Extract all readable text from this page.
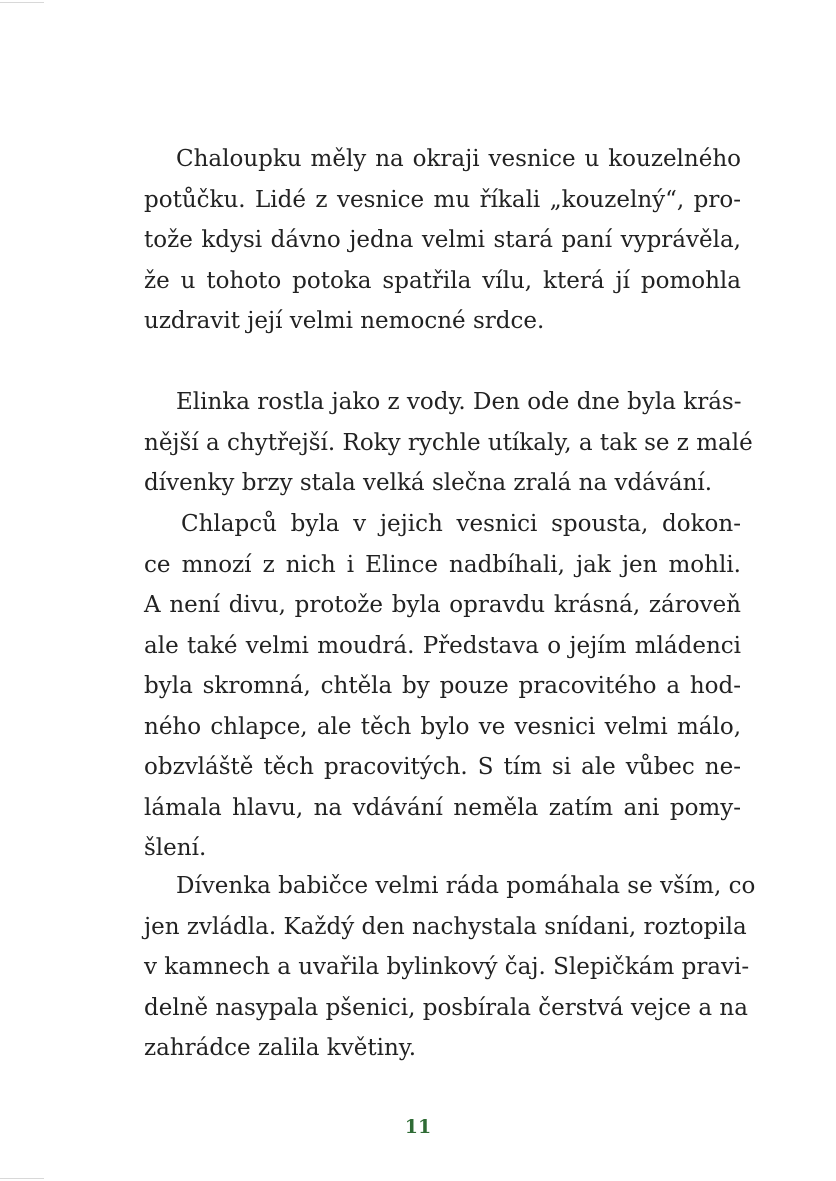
Chaloupku měly na okraji vesnice u kouzelného
potůčku. Lidé z vesnice mu říkali „kouzelný“, pro-
tože kdysi dávno jedna velmi stará paní vyprávěla,
že u tohoto potoka spatřila vílu, která jí pomohla
uzdravit její velmi nemocné srdce.
Elinka rostla jako z vody. Den ode dne byla krás-
nější a chytřejší. Roky rychle utíkaly, a tak se z malé
dívenky brzy stala velká slečna zralá na vdávání.
Chlapců byla v jejich vesnici spousta, dokon-
ce mnozí z nich i Elince nadbíhali, jak jen mohli.
A není divu, protože byla opravdu krásná, zároveň
ale také velmi moudrá. Představa o jejím mládenci
byla skromná, chtěla by pouze pracovitého a hod-
ného chlapce, ale těch bylo ve vesnici velmi málo,
obzvláště těch pracovitých. S tím si ale vůbec ne-
lámala hlavu, na vdávání neměla zatím ani pomy-
šlení.
Dívenka babičce velmi ráda pomáhala se vším, co
jen zvládla. Každý den nachystala snídani, roztopila
v kamnech a uvařila bylinkový čaj. Slepičkám pravi-
delně nasypala pšenici, posbírala čerstvá vejce a na
zahrádce zalila květiny.
11
